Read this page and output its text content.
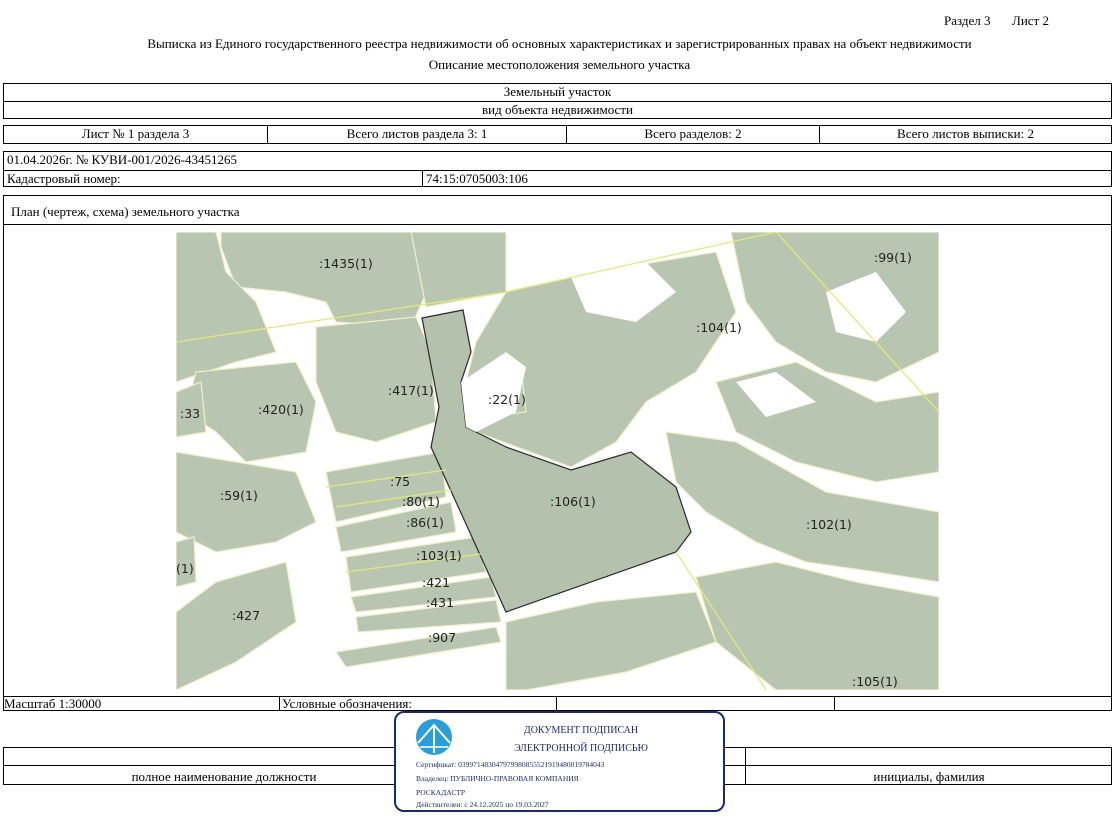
Раздел 3 Лист 2
Выписка из Единого государственного реестра недвижимости об основных характеристиках и зарегистрированных правах на объект недвижимости
Описание местоположения земельного участка
Земельный участок
вид объекта недвижимости
Лист № 1 раздела 3	Всего листов раздела 3: 1	Всего разделов: 2	Всего листов выписки: 2
01.04.2026г. № КУВИ-001/2026-43451265
Кадастровый номер:	74:15:0705003:106
План (чертеж, схема) земельного участка
:1435(1)	:99(1)
:104(1)
:417(1)
:22(1)
:33	:420(1)
:75
:80(1)
:86(1)
:106(1)
:59(1)
:102(1)
:103(1)
(1)
:421
:431
:427
:907
:105(1)
Масштаб 1:30000	Условные обозначения:
полное наименование должности	инициалы, фамилия
ДОКУМЕНТ ПОДПИСАН
ЭЛЕКТРОННОЙ ПОДПИСЬЮ
Сертификат: 039971483047979980855521919480019784043
Владелец: ПУБЛИЧНО-ПРАВОВАЯ КОМПАНИЯ
РОСКАДАСТР
Действителен: с 24.12.2025 по 19.03.2027
